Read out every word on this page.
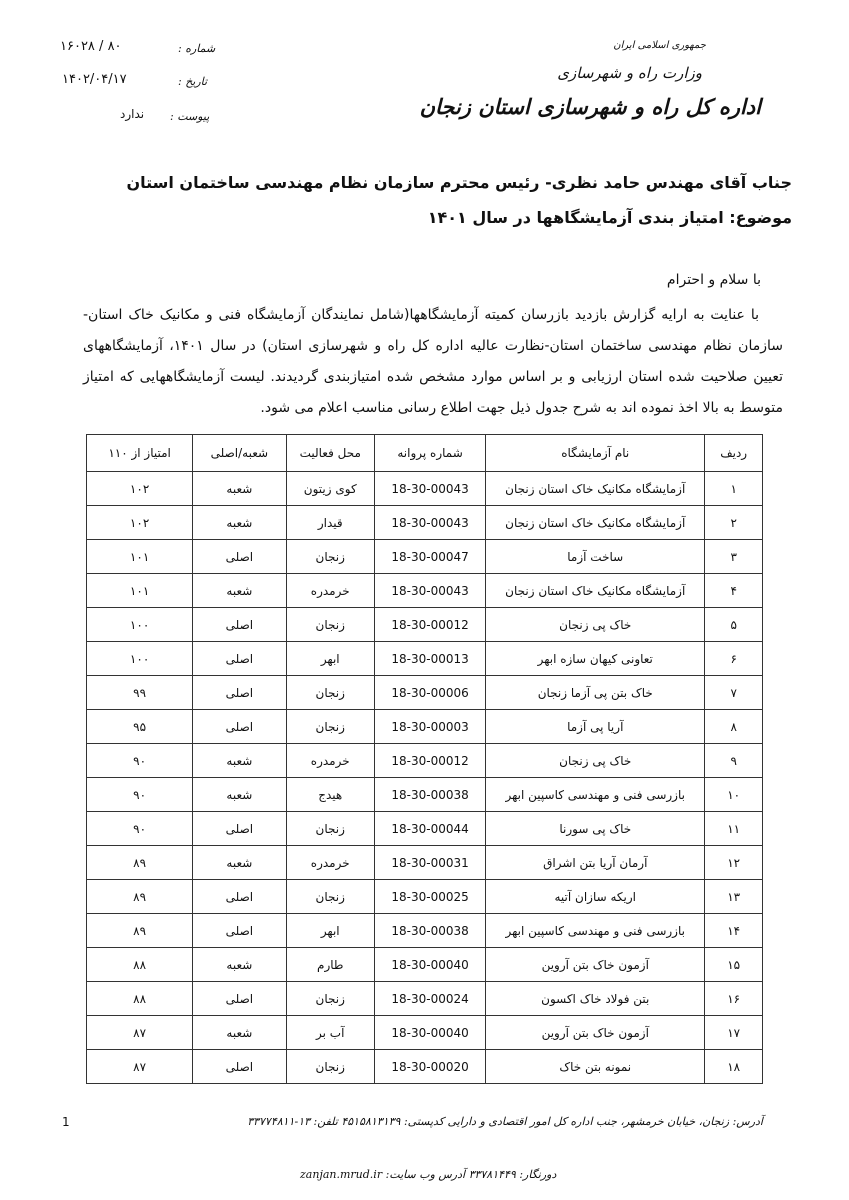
جمهوری اسلامی ایران
وزارت راه و شهرسازی
اداره کل راه و شهرسازی استان زنجان
شماره :
۸۰ / ۱۶۰۲۸
تاریخ :
۱۴۰۲/۰۴/۱۷
پیوست :
ندارد
جناب آقای مهندس حامد نظری- رئیس محترم سازمان نظام مهندسی ساختمان استان
موضوع: امتیاز بندی آزمایشگاهها در سال ۱۴۰۱
با سلام و احترام
با عنایت به ارایه گزارش بازدید بازرسان کمیته آزمایشگاهها(شامل نمایندگان آزمایشگاه فنی و مکانیک خاک استان-سازمان نظام مهندسی ساختمان استان-نظارت عالیه اداره کل راه و شهرسازی استان) در سال ۱۴۰۱، آزمایشگاههای تعیین صلاحیت شده استان ارزیابی و بر اساس موارد مشخص شده امتیازبندی گردیدند. لیست آزمایشگاههایی که امتیاز متوسط به بالا اخذ نموده اند به شرح جدول ذیل جهت اطلاع رسانی مناسب اعلام می شود.
ردیف	نام آزمایشگاه	شماره پروانه	محل فعالیت	شعبه/اصلی	امتیاز از ۱۱۰
۱	آزمایشگاه مکانیک خاک استان زنجان	18-30-00043	کوی زیتون	شعبه	۱۰۲
۲	آزمایشگاه مکانیک خاک استان زنجان	18-30-00043	قیدار	شعبه	۱۰۲
۳	ساخت آزما	18-30-00047	زنجان	اصلی	۱۰۱
۴	آزمایشگاه مکانیک خاک استان زنجان	18-30-00043	خرمدره	شعبه	۱۰۱
۵	خاک پی زنجان	18-30-00012	زنجان	اصلی	۱۰۰
۶	تعاونی کیهان سازه ابهر	18-30-00013	ابهر	اصلی	۱۰۰
۷	خاک بتن پی آزما زنجان	18-30-00006	زنجان	اصلی	۹۹
۸	آریا پی آزما	18-30-00003	زنجان	اصلی	۹۵
۹	خاک پی زنجان	18-30-00012	خرمدره	شعبه	۹۰
۱۰	بازرسی فنی و مهندسی کاسپین ابهر	18-30-00038	هیدج	شعبه	۹۰
۱۱	خاک پی سورنا	18-30-00044	زنجان	اصلی	۹۰
۱۲	آرمان آریا بتن اشراق	18-30-00031	خرمدره	شعبه	۸۹
۱۳	اریکه سازان آتیه	18-30-00025	زنجان	اصلی	۸۹
۱۴	بازرسی فنی و مهندسی کاسپین ابهر	18-30-00038	ابهر	اصلی	۸۹
۱۵	آزمون خاک بتن آروین	18-30-00040	طارم	شعبه	۸۸
۱۶	بتن فولاد خاک اکسون	18-30-00024	زنجان	اصلی	۸۸
۱۷	آزمون خاک بتن آروین	18-30-00040	آب بر	شعبه	۸۷
۱۸	نمونه بتن خاک	18-30-00020	زنجان	اصلی	۸۷
آدرس: زنجان، خیابان خرمشهر، جنب اداره کل امور اقتصادی و دارایی کدپستی: ۴۵۱۵۸۱۳۱۳۹ تلفن: ۱۳-۳۳۷۷۴۸۱۱
1
دورنگار: ۳۳۷۸۱۴۴۹ آدرس وب سایت: zanjan.mrud.ir
